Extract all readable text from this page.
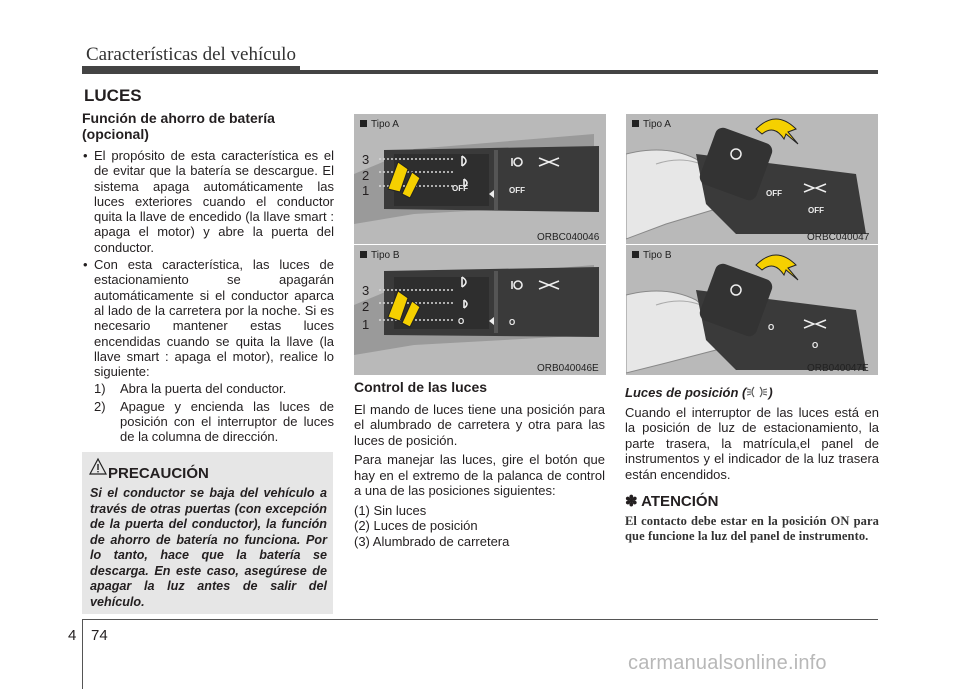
Características del vehículo
LUCES
Función de ahorro de batería (opcional)
• El propósito de esta característica es el de evitar que la batería se descargue. El sistema apaga automáticamente las luces exteriores cuando el conductor quita la llave de encedido (la llave smart : apaga el motor) y abre la puerta del conductor.
• Con esta característica, las luces de estacionamiento se apagarán automáticamente si el conductor aparca al lado de la carretera por la noche. Si es necesario mantener estas luces encendidas cuando se quita la llave (la llave smart : apaga el motor), realice lo siguiente:
1) Abra la puerta del conductor.
2) Apague y encienda las luces de posición con el interruptor de luces de la columna de dirección.
PRECAUCIÓN
Si el conductor se baja del vehículo a través de otras puertas (con excepción de la puerta del conductor), la función de ahorro de batería no funciona. Por lo tanto, hace que la batería se descarga. En este caso, asegúrese de apagar la luz antes de salir del vehículo.
Tipo A
3
2
1	OFF	OFF
ORBC040046
Tipo B
3
2
1	O	O
ORB040046E
Tipo A
OFF
OFF
ORBC040047
Tipo B
O
O
ORB040047E
Control de las luces

El mando de luces tiene una posición para el alumbrado de carretera y otra para las luces de posición.

Para manejar las luces, gire el botón que hay en el extremo de la palanca de control a una de las posiciones siguientes:

(1) Sin luces
(2) Luces de posición
(3) Alumbrado de carretera
Luces de posición ( )

Cuando el interruptor de las luces está en la posición de luz de estacionamiento, la parte trasera, la matrícula,el panel de instrumentos y el indicador de la luz trasera están encendidos.

✽ ATENCIÓN
El contacto debe estar en la posición ON para que funcione la luz del panel de instrumento.
4 74
carmanualsonline.info
